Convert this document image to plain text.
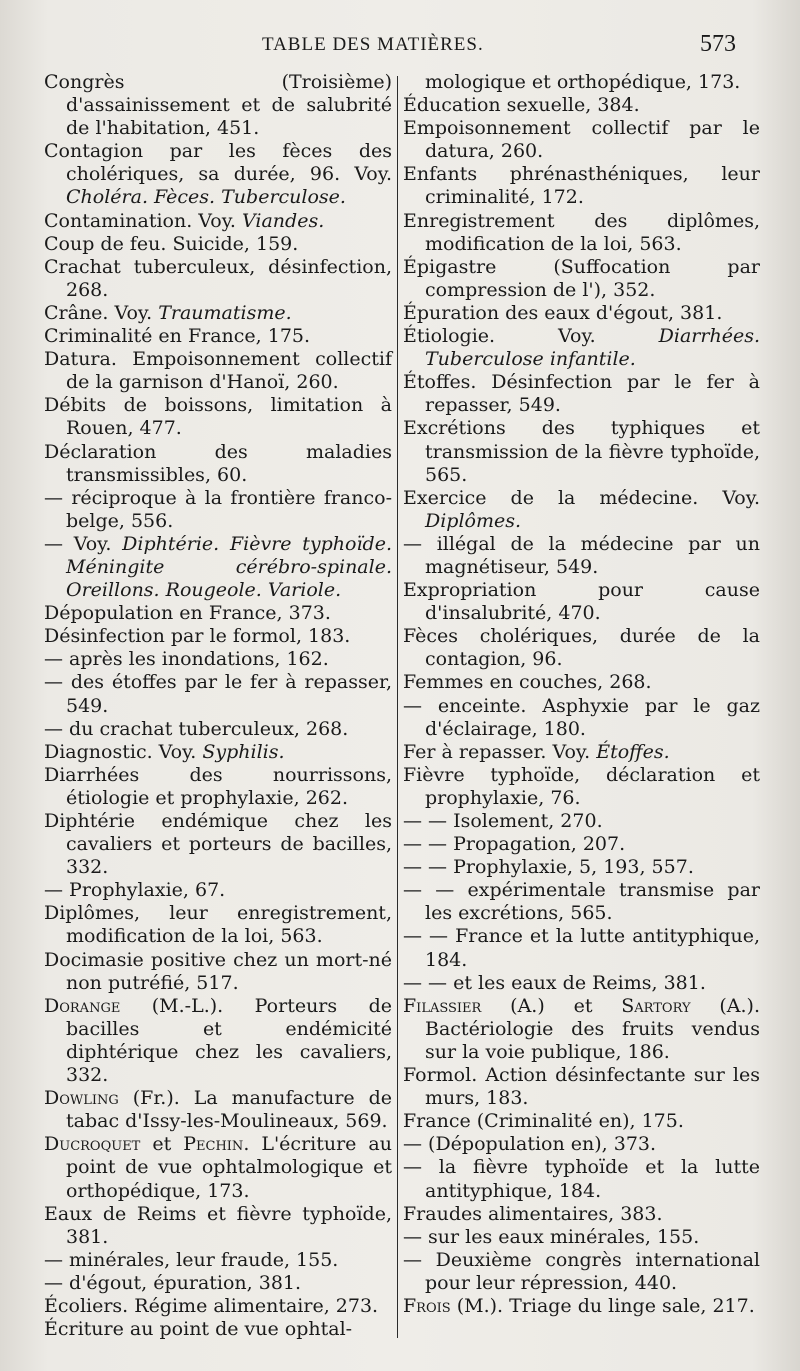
TABLE DES MATIÈRES.	573

Congrès (Troisième) d'assainissement et de salubrité de l'habitation, 451.

Contagion par les fèces des cholériques, sa durée, 96. Voy. Choléra. Fèces. Tuberculose.

Contamination. Voy. Viandes.

Coup de feu. Suicide, 159.

Crachat tuberculeux, désinfection, 268.

Crâne. Voy. Traumatisme.

Criminalité en France, 175.

Datura. Empoisonnement collectif de la garnison d'Hanoï, 260.

Débits de boissons, limitation à Rouen, 477.

Déclaration des maladies transmissibles, 60.

— réciproque à la frontière franco-belge, 556.

— Voy. Diphtérie. Fièvre typhoïde. Méningite cérébro-spinale. Oreillons. Rougeole. Variole.

Dépopulation en France, 373.

Désinfection par le formol, 183.

— après les inondations, 162.

— des étoffes par le fer à repasser, 549.

— du crachat tuberculeux, 268.

Diagnostic. Voy. Syphilis.

Diarrhées des nourrissons, étiologie et prophylaxie, 262.

Diphtérie endémique chez les cavaliers et porteurs de bacilles, 332.

— Prophylaxie, 67.

Diplômes, leur enregistrement, modification de la loi, 563.

Docimasie positive chez un mort-né non putréfié, 517.

Dorange (M.-L.). Porteurs de bacilles et endémicité diphtérique chez les cavaliers, 332.

Dowling (Fr.). La manufacture de tabac d'Issy-les-Moulineaux, 569.

Ducroquet et Pechin. L'écriture au point de vue ophtalmologique et orthopédique, 173.

Eaux de Reims et fièvre typhoïde, 381.

— minérales, leur fraude, 155.

— d'égout, épuration, 381.

Écoliers. Régime alimentaire, 273.

Écriture au point de vue ophtal-

mologique et orthopédique, 173.

Éducation sexuelle, 384.

Empoisonnement collectif par le datura, 260.

Enfants phrénasthéniques, leur criminalité, 172.

Enregistrement des diplômes, modification de la loi, 563.

Épigastre (Suffocation par compression de l'), 352.

Épuration des eaux d'égout, 381.

Étiologie. Voy. Diarrhées. Tuberculose infantile.

Étoffes. Désinfection par le fer à repasser, 549.

Excrétions des typhiques et transmission de la fièvre typhoïde, 565.

Exercice de la médecine. Voy. Diplômes.

— illégal de la médecine par un magnétiseur, 549.

Expropriation pour cause d'insalubrité, 470.

Fèces cholériques, durée de la contagion, 96.

Femmes en couches, 268.

— enceinte. Asphyxie par le gaz d'éclairage, 180.

Fer à repasser. Voy. Étoffes.

Fièvre typhoïde, déclaration et prophylaxie, 76.

— — Isolement, 270.

— — Propagation, 207.

— — Prophylaxie, 5, 193, 557.

— — expérimentale transmise par les excrétions, 565.

— — France et la lutte antityphique, 184.

— — et les eaux de Reims, 381.

Filassier (A.) et Sartory (A.). Bactériologie des fruits vendus sur la voie publique, 186.

Formol. Action désinfectante sur les murs, 183.

France (Criminalité en), 175.

— (Dépopulation en), 373.

— la fièvre typhoïde et la lutte antityphique, 184.

Fraudes alimentaires, 383.

— sur les eaux minérales, 155.

— Deuxième congrès international pour leur répression, 440.

Frois (M.). Triage du linge sale, 217.
